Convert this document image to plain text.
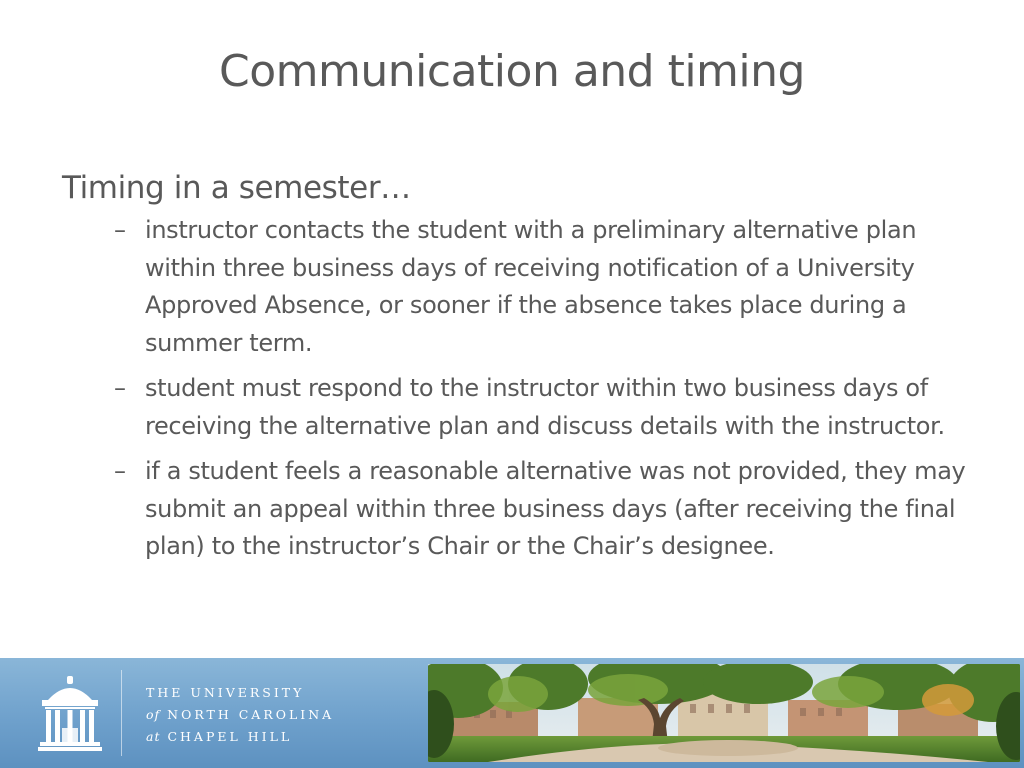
Communication and timing
Timing in a semester…
– instructor contacts the student with a preliminary alternative plan within three business days of receiving notification of a University Approved Absence, or sooner if the absence takes place during a summer term.
– student must respond to the instructor within two business days of receiving the alternative plan and discuss details with the instructor.
– if a student feels a reasonable alternative was not provided, they may submit an appeal within three business days (after receiving the final plan) to the instructor’s Chair or the Chair’s designee.
THE UNIVERSITY
of NORTH CAROLINA
at CHAPEL HILL
